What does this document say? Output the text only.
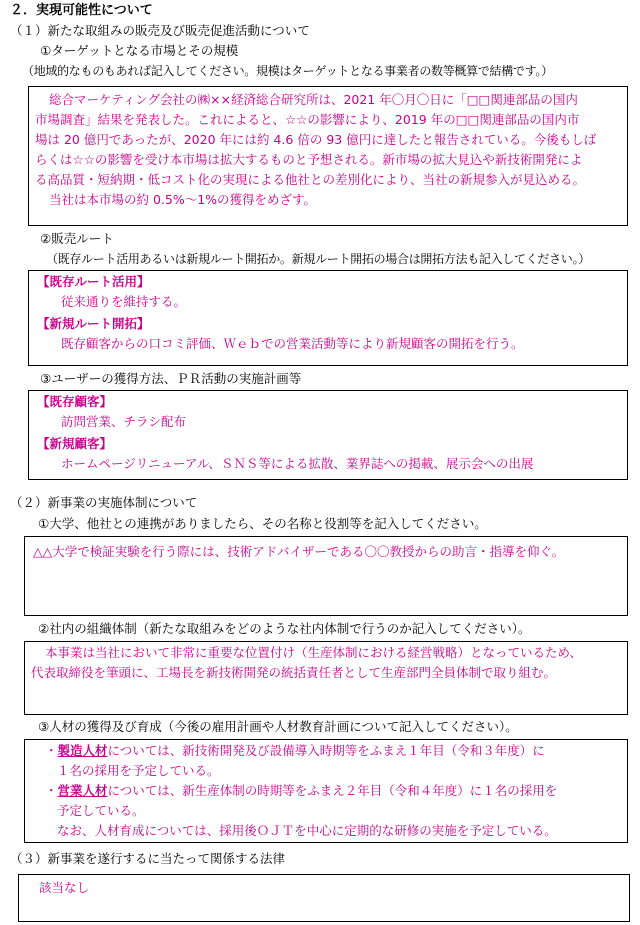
２．実現可能性について
（１）新たな取組みの販売及び販売促進活動について
①ターゲットとなる市場とその規模
（地域的なものもあれば記入してください。規模はターゲットとなる事業者の数等概算で結構です。）
総合マーケティング会社の㈱××経済総合研究所は、2021 年〇月〇日に「□□関連部品の国内
市場調査」結果を発表した。これによると、☆☆の影響により、2019 年の□□関連部品の国内市
場は 20 億円であったが、2020 年には約 4.6 倍の 93 億円に達したと報告されている。今後もしば
らくは☆☆の影響を受け本市場は拡大するものと予想される。新市場の拡大見込や新技術開発によ
る高品質・短納期・低コスト化の実現による他社との差別化により、当社の新規参入が見込める。
当社は本市場の約 0.5%～1%の獲得をめざす。
②販売ルート
（既存ルート活用あるいは新規ルート開拓か。新規ルート開拓の場合は開拓方法も記入してください。）
【既存ルート活用】
従来通りを維持する。
【新規ルート開拓】
既存顧客からの口コミ評価、Ｗｅｂでの営業活動等により新規顧客の開拓を行う。
③ユーザーの獲得方法、ＰＲ活動の実施計画等
【既存顧客】
訪問営業、チラシ配布
【新規顧客】
ホームページリニューアル、ＳＮＳ等による拡散、業界誌への掲載、展示会への出展
（２）新事業の実施体制について
①大学、他社との連携がありましたら、その名称と役割等を記入してください。
△△大学で検証実験を行う際には、技術アドバイザーである〇〇教授からの助言・指導を仰ぐ。
②社内の組織体制（新たな取組みをどのような社内体制で行うのか記入してください）。
本事業は当社において非常に重要な位置付け（生産体制における経営戦略）となっているため、
代表取締役を筆頭に、工場長を新技術開発の統括責任者として生産部門全員体制で取り組む。
③人材の獲得及び育成（今後の雇用計画や人材教育計画について記入してください）。
・製造人材については、新技術開発及び設備導入時期等をふまえ１年目（令和３年度）に
１名の採用を予定している。
・営業人材については、新生産体制の時期等をふまえ２年目（令和４年度）に１名の採用を
予定している。
なお、人材育成については、採用後ＯＪＴを中心に定期的な研修の実施を予定している。
（３）新事業を遂行するに当たって関係する法律
該当なし
